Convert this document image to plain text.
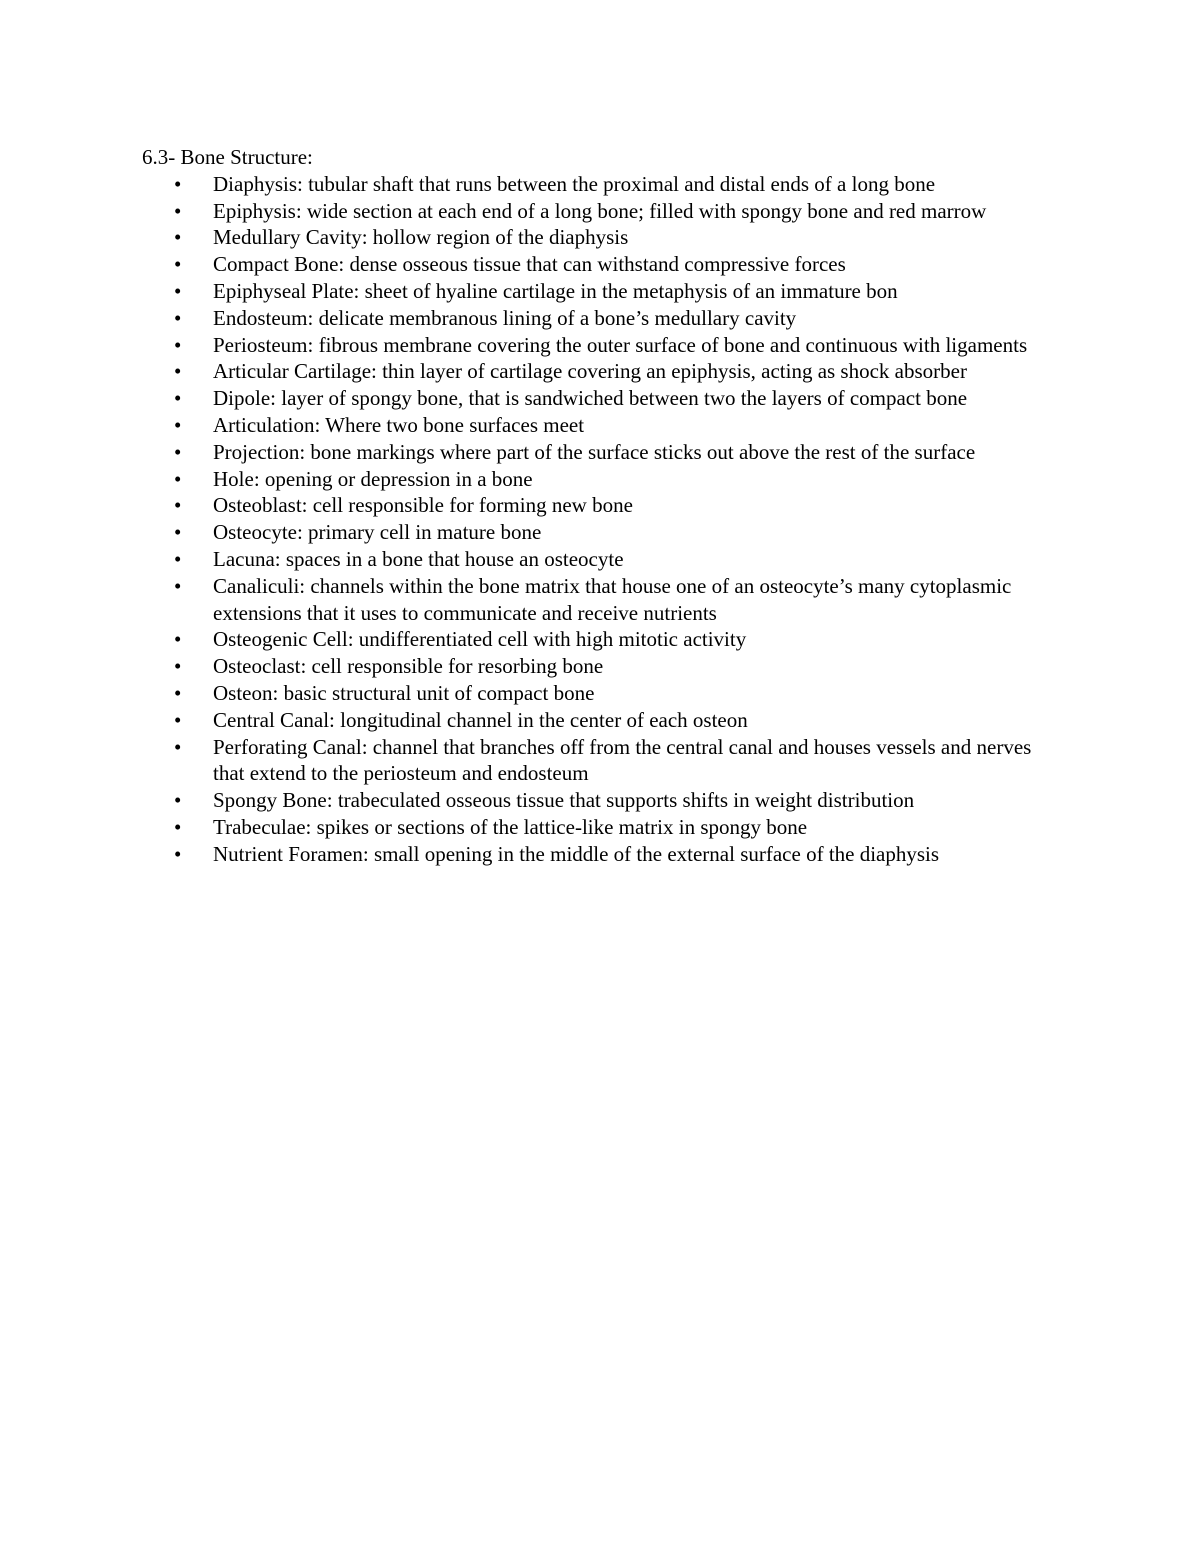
6.3- Bone Structure:

• Diaphysis: tubular shaft that runs between the proximal and distal ends of a long bone
• Epiphysis: wide section at each end of a long bone; filled with spongy bone and red marrow
• Medullary Cavity: hollow region of the diaphysis
• Compact Bone: dense osseous tissue that can withstand compressive forces
• Epiphyseal Plate: sheet of hyaline cartilage in the metaphysis of an immature bon
• Endosteum: delicate membranous lining of a bone’s medullary cavity
• Periosteum: fibrous membrane covering the outer surface of bone and continuous with ligaments
• Articular Cartilage: thin layer of cartilage covering an epiphysis, acting as shock absorber
• Dipole: layer of spongy bone, that is sandwiched between two the layers of compact bone
• Articulation: Where two bone surfaces meet
• Projection: bone markings where part of the surface sticks out above the rest of the surface
• Hole: opening or depression in a bone
• Osteoblast: cell responsible for forming new bone
• Osteocyte: primary cell in mature bone
• Lacuna: spaces in a bone that house an osteocyte
• Canaliculi: channels within the bone matrix that house one of an osteocyte’s many cytoplasmic extensions that it uses to communicate and receive nutrients
• Osteogenic Cell: undifferentiated cell with high mitotic activity
• Osteoclast: cell responsible for resorbing bone
• Osteon: basic structural unit of compact bone
• Central Canal: longitudinal channel in the center of each osteon
• Perforating Canal: channel that branches off from the central canal and houses vessels and nerves that extend to the periosteum and endosteum
• Spongy Bone: trabeculated osseous tissue that supports shifts in weight distribution
• Trabeculae: spikes or sections of the lattice-like matrix in spongy bone
• Nutrient Foramen: small opening in the middle of the external surface of the diaphysis
